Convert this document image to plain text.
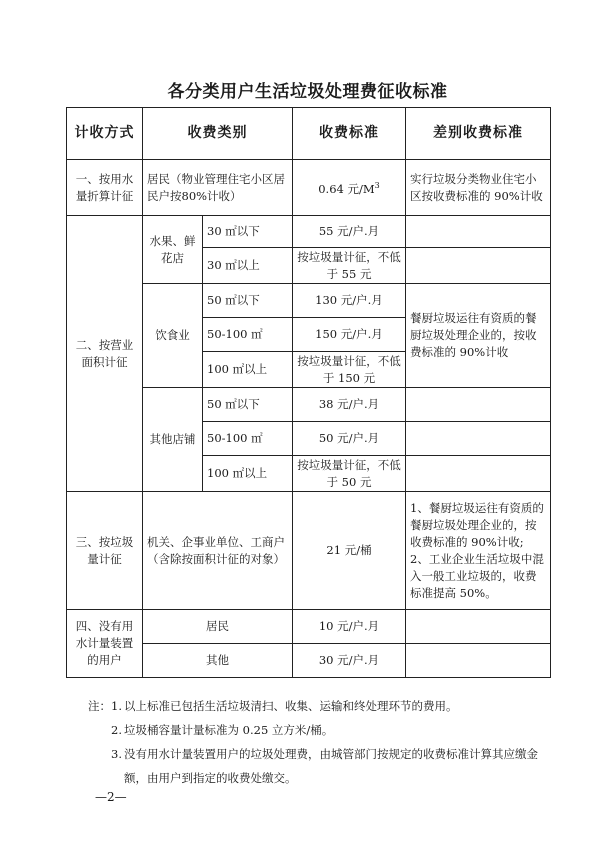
各分类用户生活垃圾处理费征收标准
计收方式	收费类别		收费标准	差别收费标准
一、按用水量折算计征	居民（物业管理住宅小区居民户按80%计收）		0.64 元$/M^3$	实行垃圾分类物业住宅小区按收费标准的 90%计收
二、按营业面积计征	水果、鲜花店	30 ㎡以下	55 元/户.月	
		30 ㎡以上	按垃圾量计征，不低于 55 元	
	饮食业	50 ㎡以下	130 元/户.月	餐厨垃圾运往有资质的餐厨垃圾处理企业的，按收费标准的 90%计收
		50-100 ㎡	150 元/户.月	
		100 ㎡以上	按垃圾量计征，不低于 150 元	
	其他店铺	50 ㎡以下	38 元/户.月	
		50-100 ㎡	50 元/户.月	
		100 ㎡以上	按垃圾量计征，不低于 50 元	
三、按垃圾量计征	机关、企事业单位、工商户（含除按面积计征的对象）		21 元/桶	1、餐厨垃圾运往有资质的餐厨垃圾处理企业的，按收费标准的 90%计收;
2、工业企业生活垃圾中混入一般工业垃圾的，收费标准提高 50%。

四、没有用水计量装置的用户	居民		10 元/户.月	
	其他		30 元/户.月	
注：1. 以上标准已包括生活垃圾清扫、收集、运输和终处理环节的费用。
2. 垃圾桶容量计量标准为 0.25 立方米/桶。
3. 没有用水计量装置用户的垃圾处理费，由城管部门按规定的收费标准计算其应缴金额，由用户到指定的收费处缴交。
—2—
